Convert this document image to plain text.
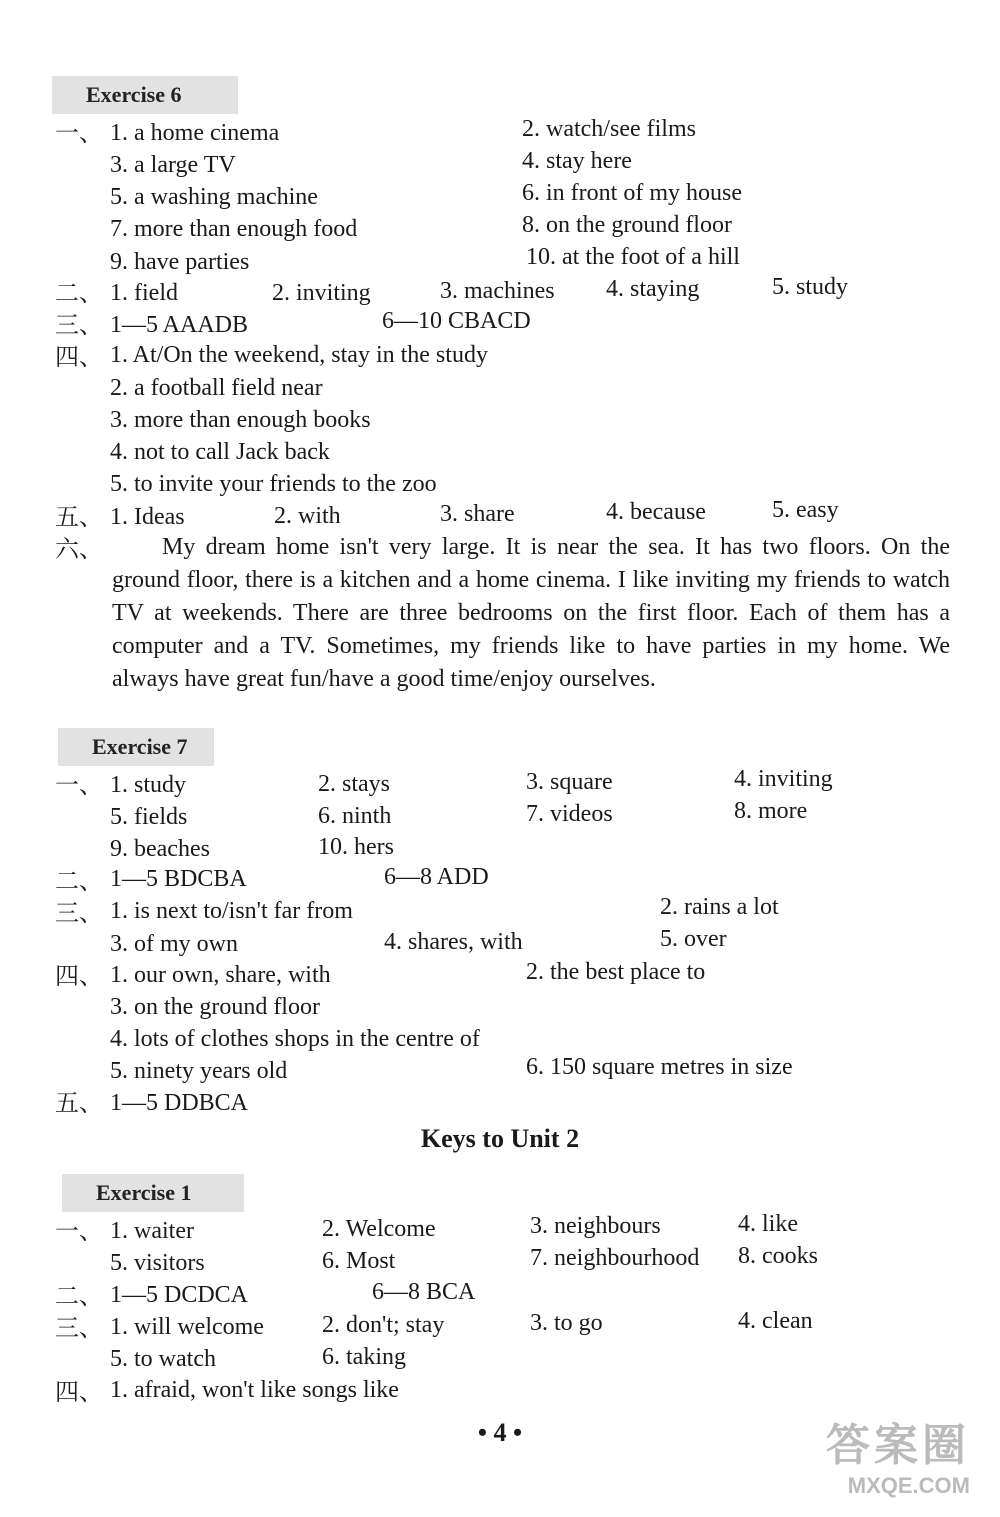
Exercise 6
一、 1. a home cinema	2. watch/see films
3. a large TV	4. stay here
5. a washing machine	6. in front of my house
7. more than enough food	8. on the ground floor
9. have parties	10. at the foot of a hill
二、 1. field	2. inviting	3. machines 4. staying	5. study
三、 1—5 AAADB	6—10 CBACD
四、 1. At/On the weekend, stay in the study
2. a football field near
3. more than enough books
4. not to call Jack back
5. to invite your friends to the zoo
五、 1. Ideas	2. with	3. share	4. because	5. easy
六、	My dream home isn't very large. It is near the sea. It has two floors. On the ground floor, there is a kitchen and a home cinema. I like inviting my friends to watch TV at weekends. There are three bedrooms on the first floor. Each of them has a computer and a TV. Sometimes, my friends like to have parties in my home. We always have great fun/have a good time/enjoy ourselves.
Exercise 7
一、 1. study	2. stays	3. square	4. inviting
5. fields	6. ninth	7. videos	8. more
9. beaches	10. hers
二、 1—5 BDCBA	6—8 ADD
三、 1. is next to/isn't far from	2. rains a lot
3. of my own	4. shares, with	5. over
四、 1. our own, share, with	2. the best place to
3. on the ground floor
4. lots of clothes shops in the centre of
5. ninety years old	6. 150 square metres in size
五、 1—5 DDBCA
Keys to Unit 2
Exercise 1
一、 1. waiter	2. Welcome	3. neighbours	4. like
5. visitors	6. Most	7. neighbourhood 8. cooks
二、 1—5 DCDCA	6—8 BCA
三、 1. will welcome 2. don't; stay	3. to go	4. clean
5. to watch	6. taking
四、 1. afraid, won't like songs like
• 4 •	答案圈
MXQE.COM
